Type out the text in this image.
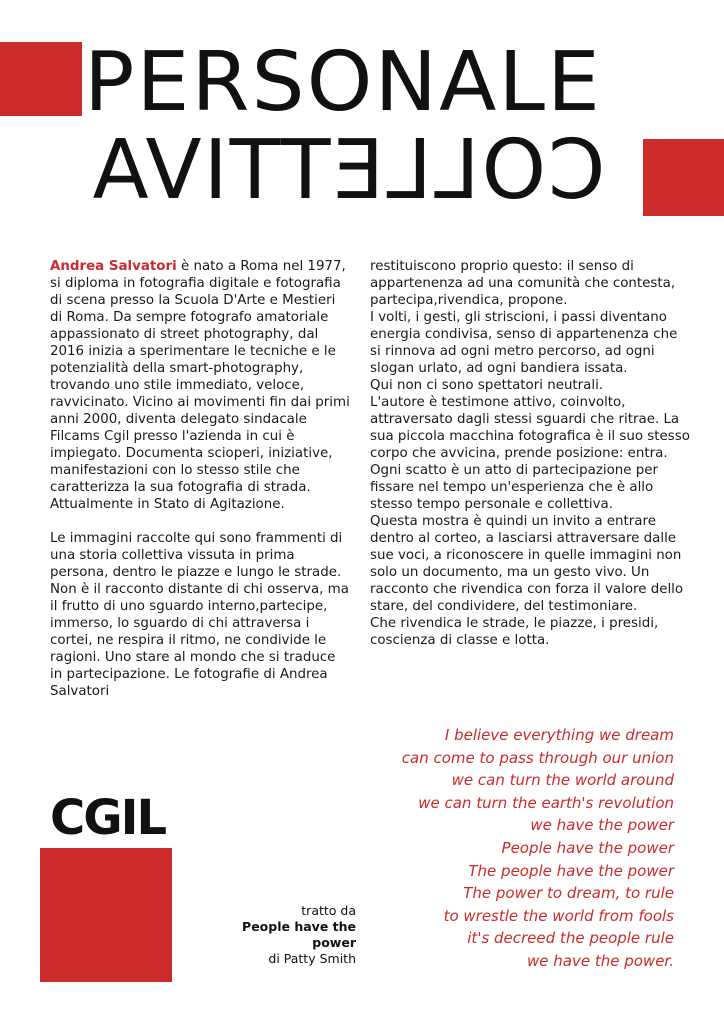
PERSONALE
COLLETTIVA

Andrea Salvatori è nato a Roma nel 1977, si diploma in fotografia digitale e fotografia di scena presso la Scuola D'Arte e Mestieri di Roma. Da sempre fotografo amatoriale appassionato di street photography, dal 2016 inizia a sperimentare le tecniche e le potenzialità della smart-photography, trovando uno stile immediato, veloce, ravvicinato. Vicino ai movimenti fin dai primi anni 2000, diventa delegato sindacale Filcams Cgil presso l'azienda in cui è impiegato. Documenta scioperi, iniziative, manifestazioni con lo stesso stile che caratterizza la sua fotografia di strada. Attualmente in Stato di Agitazione.

Le immagini raccolte qui sono frammenti di una storia collettiva vissuta in prima persona, dentro le piazze e lungo le strade. Non è il racconto distante di chi osserva, ma il frutto di uno sguardo interno,partecipe, immerso, lo sguardo di chi attraversa i cortei, ne respira il ritmo, ne condivide le ragioni. Uno stare al mondo che si traduce in partecipazione. Le fotografie di Andrea Salvatori

restituiscono proprio questo: il senso di appartenenza ad una comunità che contesta, partecipa,rivendica, propone.
I volti, i gesti, gli striscioni, i passi diventano energia condivisa, senso di appartenenza che si rinnova ad ogni metro percorso, ad ogni slogan urlato, ad ogni bandiera issata.
Qui non ci sono spettatori neutrali.
L'autore è testimone attivo, coinvolto, attraversato dagli stessi sguardi che ritrae. La sua piccola macchina fotografica è il suo stesso corpo che avvicina, prende posizione: entra. Ogni scatto è un atto di partecipazione per fissare nel tempo un'esperienza che è allo stesso tempo personale e collettiva.
Questa mostra è quindi un invito a entrare dentro al corteo, a lasciarsi attraversare dalle sue voci, a riconoscere in quelle immagini non solo un documento, ma un gesto vivo. Un racconto che rivendica con forza il valore dello stare, del condividere, del testimoniare.
Che rivendica le strade, le piazze, i presidi, coscienza di classe e lotta.
CGIL
tratto da

People have the power
di Patty Smith
I believe everything we dream
can come to pass through our union
we can turn the world around
we can turn the earth's revolution
we have the power
People have the power
The people have the power
The power to dream, to rule
to wrestle the world from fools
it's decreed the people rule
we have the power.
